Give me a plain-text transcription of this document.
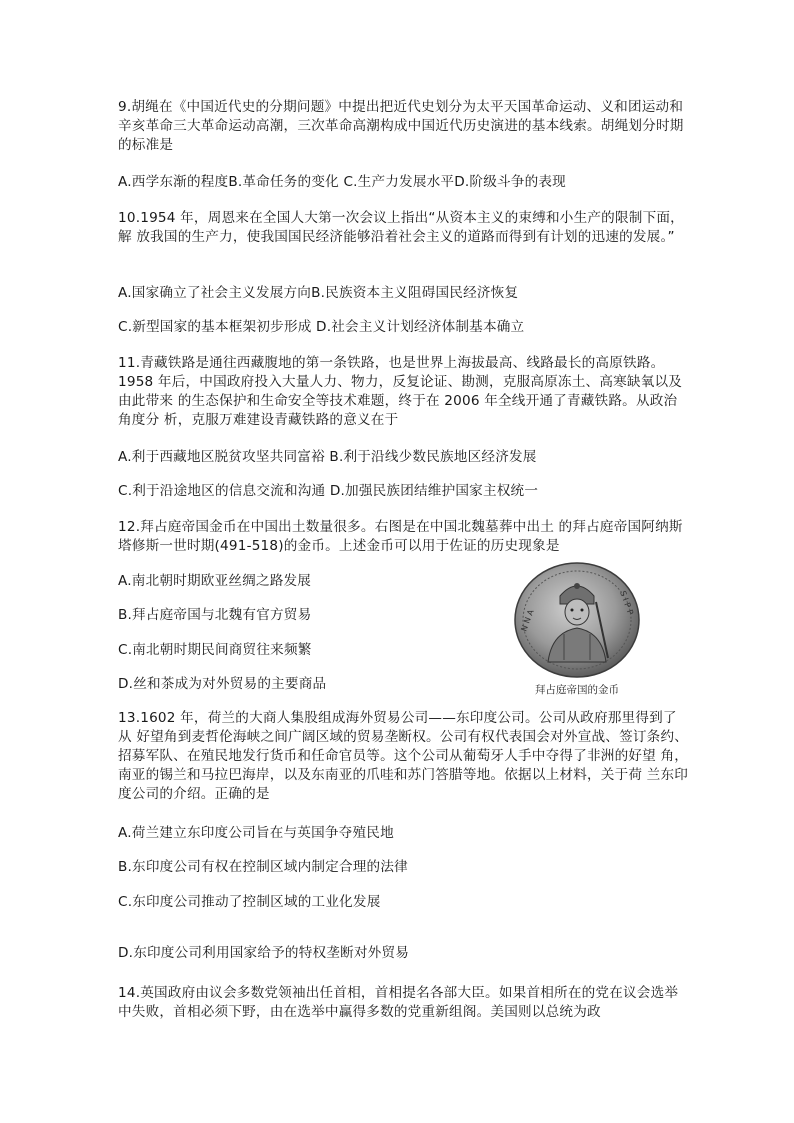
9.胡绳在《中国近代史的分期问题》中提出把近代史划分为太平天国革命运动、义和团运动和辛亥革命三大革命运动高潮，三次革命高潮构成中国近代历史演进的基本线索。胡绳划分时期 的标准是

A.西学东渐的程度B.革命任务的变化 C.生产力发展水平D.阶级斗争的表现

10.1954 年，周恩来在全国人大第一次会议上指出“从资本主义的束缚和小生产的限制下面，解 放我国的生产力，使我国国民经济能够沿着社会主义的道路而得到有计划的迅速的发展。”

A.国家确立了社会主义发展方向B.民族资本主义阻碍国民经济恢复

C.新型国家的基本框架初步形成 D.社会主义计划经济体制基本确立

11.青藏铁路是通往西藏腹地的第一条铁路，也是世界上海拔最高、线路最长的高原铁路。1958 年后，中国政府投入大量人力、物力，反复论证、勘测，克服高原冻土、高寒缺氧以及由此带来 的生态保护和生命安全等技术难题，终于在 2006 年全线开通了青藏铁路。从政治角度分 析，克服万难建设青藏铁路的意义在于

A.利于西藏地区脱贫攻坚共同富裕 B.利于沿线少数民族地区经济发展

C.利于沿途地区的信息交流和沟通 D.加强民族团结维护国家主权统一

12.拜占庭帝国金币在中国出土数量很多。右图是在中国北魏墓葬中出土 的拜占庭帝国阿纳斯塔修斯一世时期(491-518)的金币。上述金币可以用于佐证的历史现象是

A.南北朝时期欧亚丝绸之路发展

B.拜占庭帝国与北魏有官方贸易

C.南北朝时期民间商贸往来频繁

D.丝和茶成为对外贸易的主要商品

N N A
S I P P
拜占庭帝国的金币

13.1602 年，荷兰的大商人集股组成海外贸易公司——东印度公司。公司从政府那里得到了从 好望角到麦哲伦海峡之间广阔区域的贸易垄断权。公司有权代表国会对外宣战、签订条约、 招募军队、在殖民地发行货币和任命官员等。这个公司从葡萄牙人手中夺得了非洲的好望 角，南亚的锡兰和马拉巴海岸，以及东南亚的爪哇和苏门答腊等地。依据以上材料，关于荷 兰东印度公司的介绍。正确的是

A.荷兰建立东印度公司旨在与英国争夺殖民地

B.东印度公司有权在控制区域内制定合理的法律

C.东印度公司推动了控制区域的工业化发展

D.东印度公司利用国家给予的特权垄断对外贸易

14.英国政府由议会多数党领袖出任首相，首相提名各部大臣。如果首相所在的党在议会选举中失败，首相必须下野，由在选举中赢得多数的党重新组阁。美国则以总统为政
